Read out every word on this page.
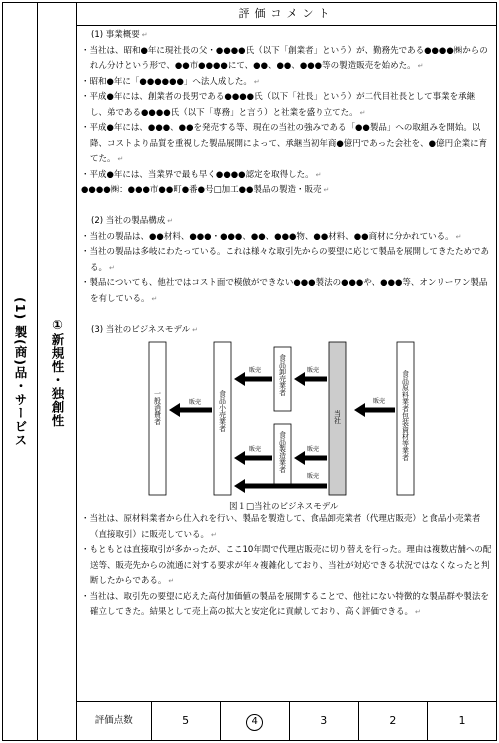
(1) 製(商)品・サービス ①新規性・独創性
評価コメント
(1) 事業概要 ↵
・当社は、昭和●年に現社長の父・●●●●氏（以下「創業者」という）が、勤務先である●●●●㈱からのれん分けという形で、●●市●●●●にて、●●、●●、●●●等の製造販売を始めた。 ↵
・昭和●年に「●●●●●●」へ法人成した。 ↵
・平成●年には、創業者の長男である●●●●氏（以下「社長」という）が二代目社長として事業を承継し、弟である●●●●氏（以下「専務」と言う）と社業を盛り立てた。 ↵
・平成●年には、●●●、●●を発売する等、現在の当社の強みである「●●製品」への取組みを開始。以降、コストより品質を重視した製品展開によって、承継当初年商●億円であった会社を、●億円企業に育てた。 ↵
・平成●年には、当業界で最も早く●●●●認定を取得した。 ↵
●●●●㈱：●●●市●●町●番●号□加工●●製品の製造・販売 ↵
(2) 当社の製品構成 ↵
・当社の製品は、●●材料、●●●・●●●、●●、●●●物、●●材料、●●商材に分かれている。 ↵
・当社の製品は多岐にわたっている。これは様々な取引先からの要望に応じて製品を展開してきたためである。 ↵
・製品についても、他社ではコスト面で模倣ができない●●●製法の●●●や、●●●等、オンリーワン製品を有している。 ↵
(3) 当社のビジネスモデル ↵
一般消費者	食品小売業者
食品卸売業者
食品製造業者
当社	食品原料業者包装資材等業者
販売
販売
販売
販売
販売
販売
販売
図１□当社のビジネスモデル
・当社は、原材料業者から仕入れを行い、製品を製造して、食品卸売業者（代理店販売）と食品小売業者（直接取引）に販売している。 ↵
・もともとは直接取引が多かったが、ここ10年間で代理店販売に切り替えを行った。理由は複数店舗への配送等、販売先からの流通に対する要求が年々複雑化しており、当社が対応できる状況ではなくなったと判断したからである。 ↵
・当社は、取引先の要望に応えた高付加価値の製品を展開することで、他社にない特徴的な製品群や製法を確立してきた。結果として売上高の拡大と安定化に貢献しており、高く評価できる。 ↵
評価点数	5	4	3	2	1
